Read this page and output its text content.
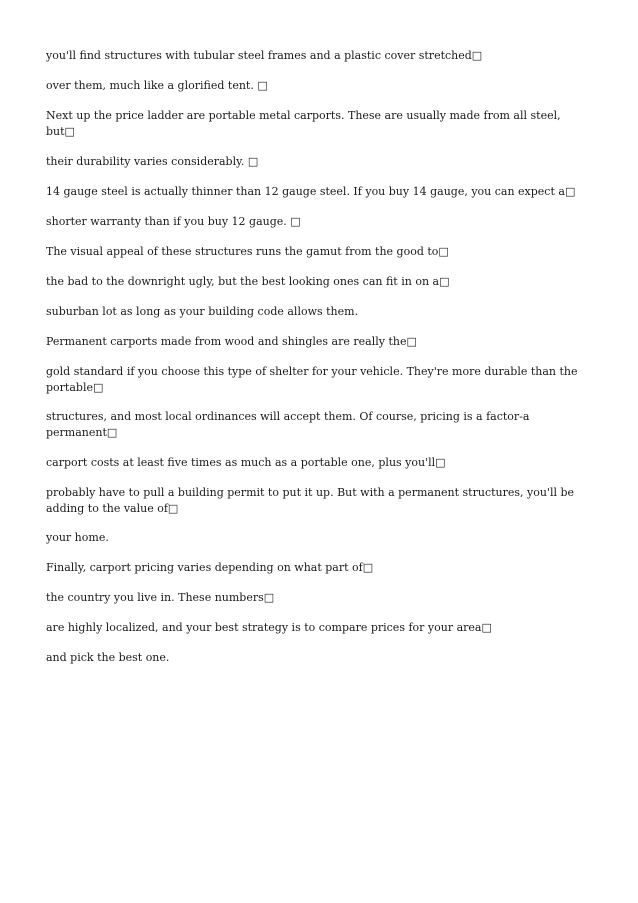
you'll find structures with tubular steel frames and a plastic cover stretched□

over them, much like a glorified tent. □

Next up the price ladder are portable metal carports. These are usually made from all steel, but□

their durability varies considerably. □

14 gauge steel is actually thinner than 12 gauge steel. If you buy 14 gauge, you can expect a□

shorter warranty than if you buy 12 gauge. □

The visual appeal of these structures runs the gamut from the good to□

the bad to the downright ugly, but the best looking ones can fit in on a□

suburban lot as long as your building code allows them.

Permanent carports made from wood and shingles are really the□

gold standard if you choose this type of shelter for your vehicle. They're more durable than the portable□

structures, and most local ordinances will accept them. Of course, pricing is a factor-a permanent□

carport costs at least five times as much as a portable one, plus you'll□

probably have to pull a building permit to put it up. But with a permanent structures, you'll be adding to the value of□

your home.

Finally, carport pricing varies depending on what part of□

the country you live in. These numbers□

are highly localized, and your best strategy is to compare prices for your area□

and pick the best one.
